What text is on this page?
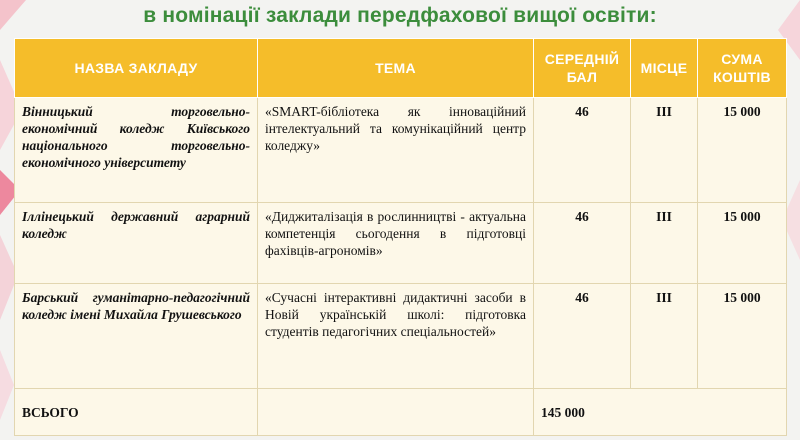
в номінації заклади передфахової вищої освіти:
НАЗВА ЗАКЛАДУ	ТЕМА	СЕРЕДНІЙ БАЛ	МІСЦЕ	СУМА КОШТІВ
Вінницький торговельно-економічний коледж Київського національного торговельно-економічного університету	«SMART-бібліотека як інноваційний інтелектуальний та комунікаційний центр коледжу»	46	ІІІ	15 000
Іллінецький державний аграрний коледж	«Диджиталізація в рослинництві - актуальна компетенція сьогодення в підготовці фахівців-агрономів»	46	ІІІ	15 000
Барський гуманітарно-педагогічний коледж імені Михайла Грушевського	«Сучасні інтерактивні дидактичні засоби в Новій українській школі: підготовка студентів педагогічних спеціальностей»	46	ІІІ	15 000
ВСЬОГО		145 000		
